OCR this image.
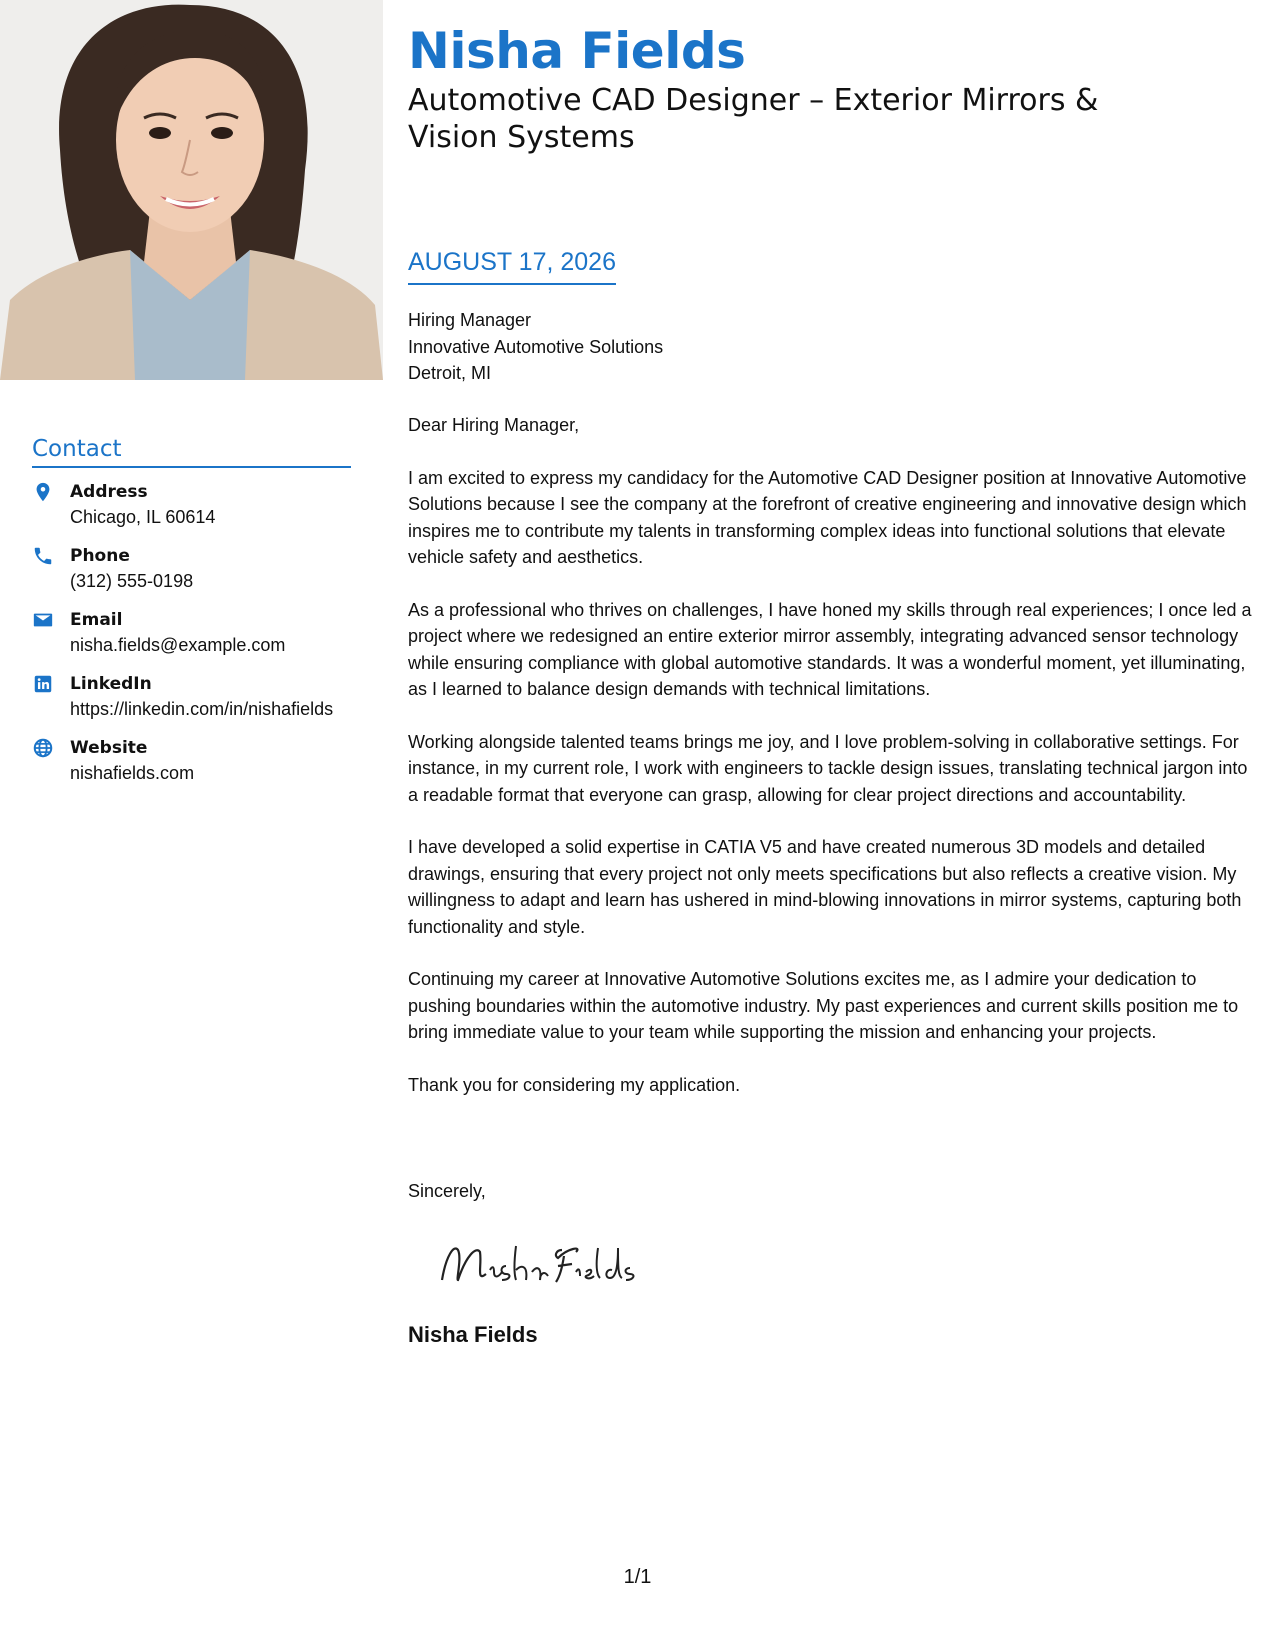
Contact
Address
Chicago, IL 60614
Phone
(312) 555-0198
Email
nisha.fields@example.com
LinkedIn
https://linkedin.com/in/nishafields
Website
nishafields.com
Nisha Fields
Automotive CAD Designer – Exterior Mirrors & Vision Systems
AUGUST 17, 2026
Hiring Manager
Innovative Automotive Solutions
Detroit, MI

Dear Hiring Manager,

I am excited to express my candidacy for the Automotive CAD Designer position at Innovative Automotive Solutions because I see the company at the forefront of creative engineering and innovative design which inspires me to contribute my talents in transforming complex ideas into functional solutions that elevate vehicle safety and aesthetics.

As a professional who thrives on challenges, I have honed my skills through real experiences; I once led a project where we redesigned an entire exterior mirror assembly, integrating advanced sensor technology while ensuring compliance with global automotive standards. It was a wonderful moment, yet illuminating, as I learned to balance design demands with technical limitations.

Working alongside talented teams brings me joy, and I love problem-solving in collaborative settings. For instance, in my current role, I work with engineers to tackle design issues, translating technical jargon into a readable format that everyone can grasp, allowing for clear project directions and accountability.

I have developed a solid expertise in CATIA V5 and have created numerous 3D models and detailed drawings, ensuring that every project not only meets specifications but also reflects a creative vision. My willingness to adapt and learn has ushered in mind-blowing innovations in mirror systems, capturing both functionality and style.

Continuing my career at Innovative Automotive Solutions excites me, as I admire your dedication to pushing boundaries within the automotive industry. My past experiences and current skills position me to bring immediate value to your team while supporting the mission and enhancing your projects.

Thank you for considering my application.

Sincerely,
Nisha Fields
1/1
